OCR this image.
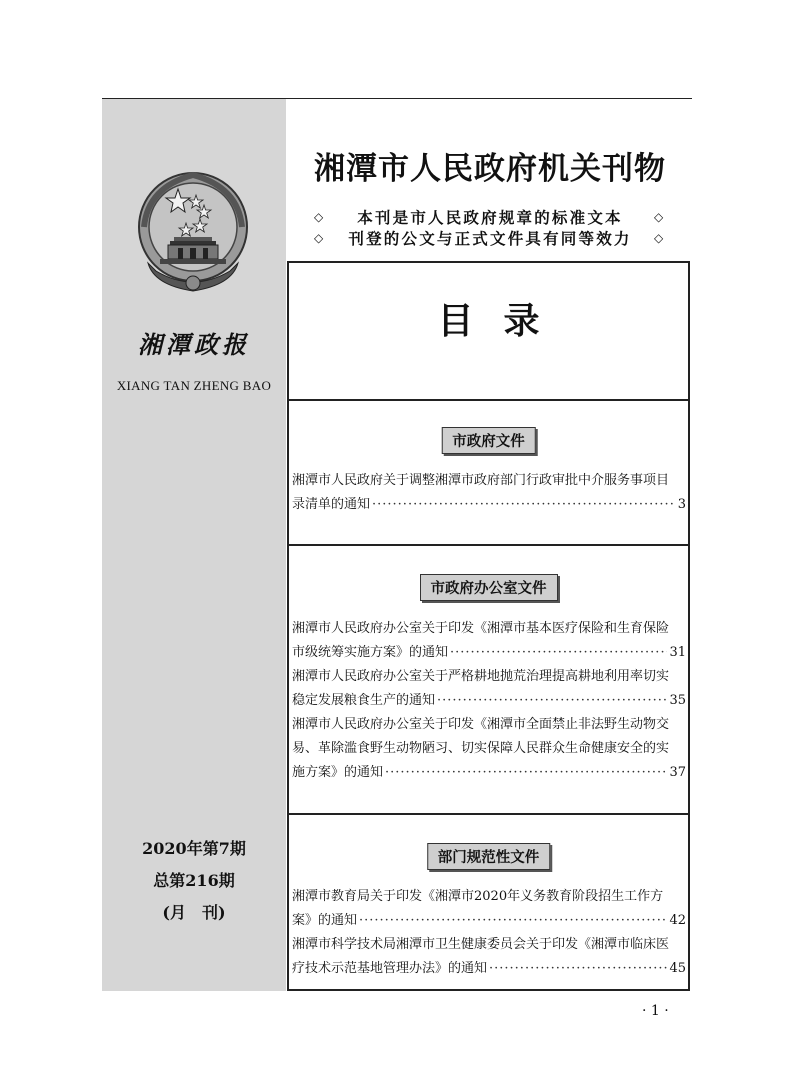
湘潭政报
XIANG TAN ZHENG BAO
2020年第7期
总第216期
(月　刊)
湘潭市人民政府机关刊物
◇	本刊是市人民政府规章的标准文本	◇
◇	刊登的公文与正式文件具有同等效力	◇
目录
市政府文件
湘潭市人民政府关于调整湘潭市政府部门行政审批中介服务事项目
录清单的通知 ·····	3
市政府办公室文件
湘潭市人民政府办公室关于印发《湘潭市基本医疗保险和生育保险
市级统筹实施方案》的通知 ·····	31
湘潭市人民政府办公室关于严格耕地抛荒治理提高耕地利用率切实
稳定发展粮食生产的通知 ·····	35
湘潭市人民政府办公室关于印发《湘潭市全面禁止非法野生动物交
易、革除滥食野生动物陋习、切实保障人民群众生命健康安全的实
施方案》的通知 ·····	37
部门规范性文件
湘潭市教育局关于印发《湘潭市2020年义务教育阶段招生工作方
案》的通知 ·····	42
湘潭市科学技术局湘潭市卫生健康委员会关于印发《湘潭市临床医
疗技术示范基地管理办法》的通知 ·····	45
· 1 ·
